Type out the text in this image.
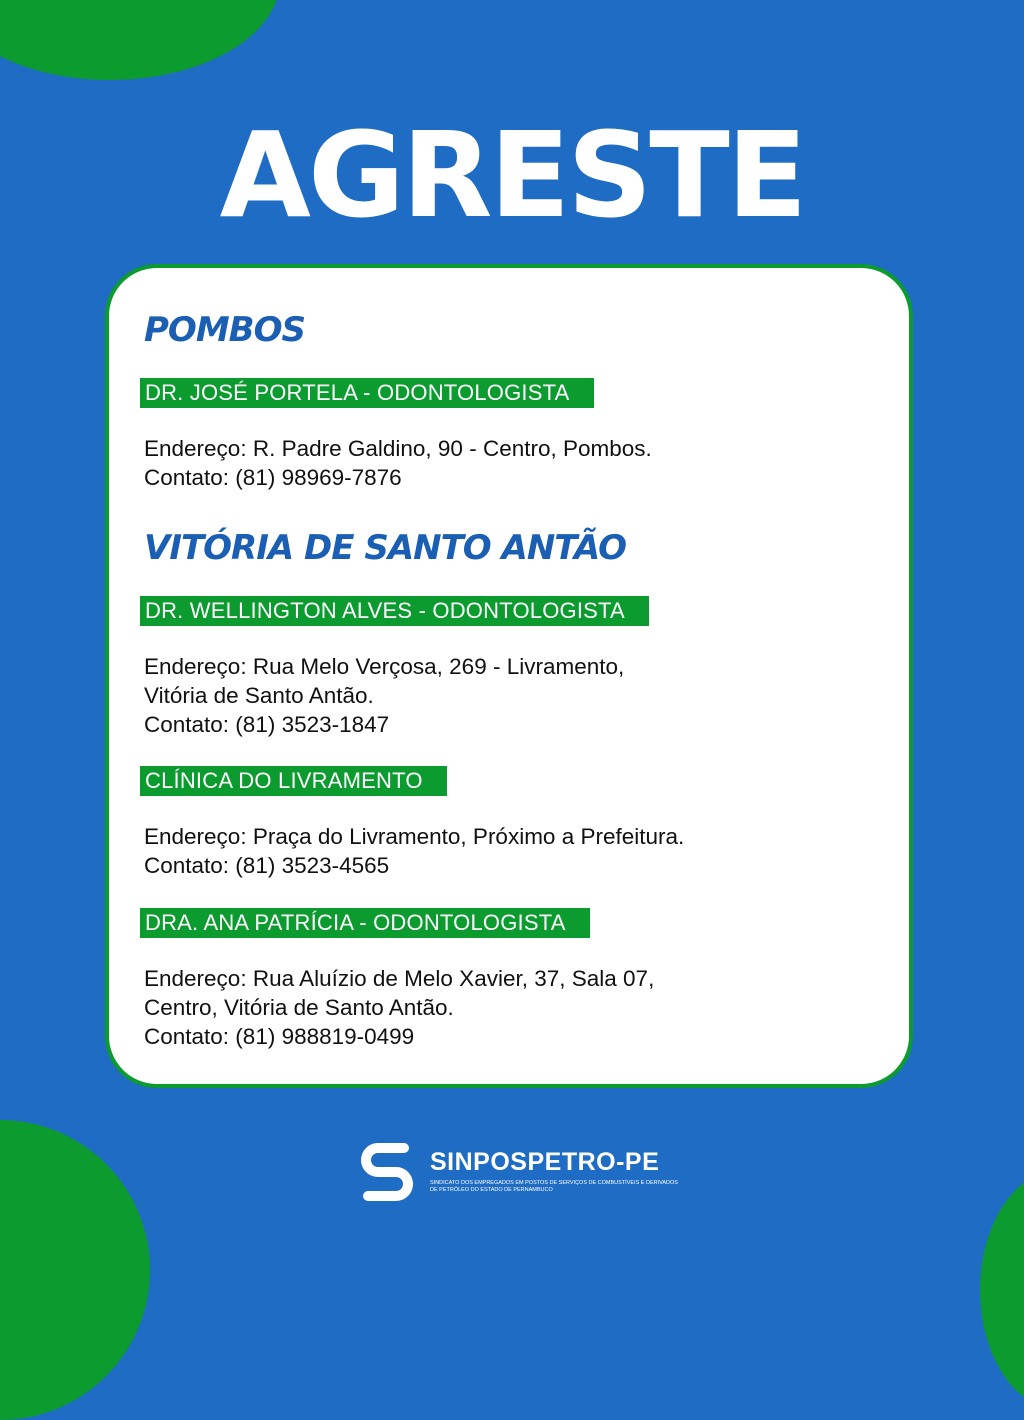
AGRESTE
POMBOS
DR. JOSÉ PORTELA - ODONTOLOGISTA
Endereço: R. Padre Galdino, 90 - Centro, Pombos.
Contato: (81) 98969-7876
VITÓRIA DE SANTO ANTÃO
DR. WELLINGTON ALVES - ODONTOLOGISTA
Endereço: Rua Melo Verçosa, 269 - Livramento,
Vitória de Santo Antão.
Contato: (81) 3523-1847
CLÍNICA DO LIVRAMENTO
Endereço: Praça do Livramento, Próximo a Prefeitura.
Contato: (81) 3523-4565
DRA. ANA PATRÍCIA - ODONTOLOGISTA
Endereço: Rua Aluízio de Melo Xavier, 37, Sala 07,
Centro, Vitória de Santo Antão.
Contato: (81) 988819-0499
SINPOSPETRO-PE
SINDICATO DOS EMPREGADOS EM POSTOS DE SERVIÇOS DE COMBUSTÍVEIS E DERIVADOS DE PETRÓLEO DO ESTADO DE PERNAMBUCO
